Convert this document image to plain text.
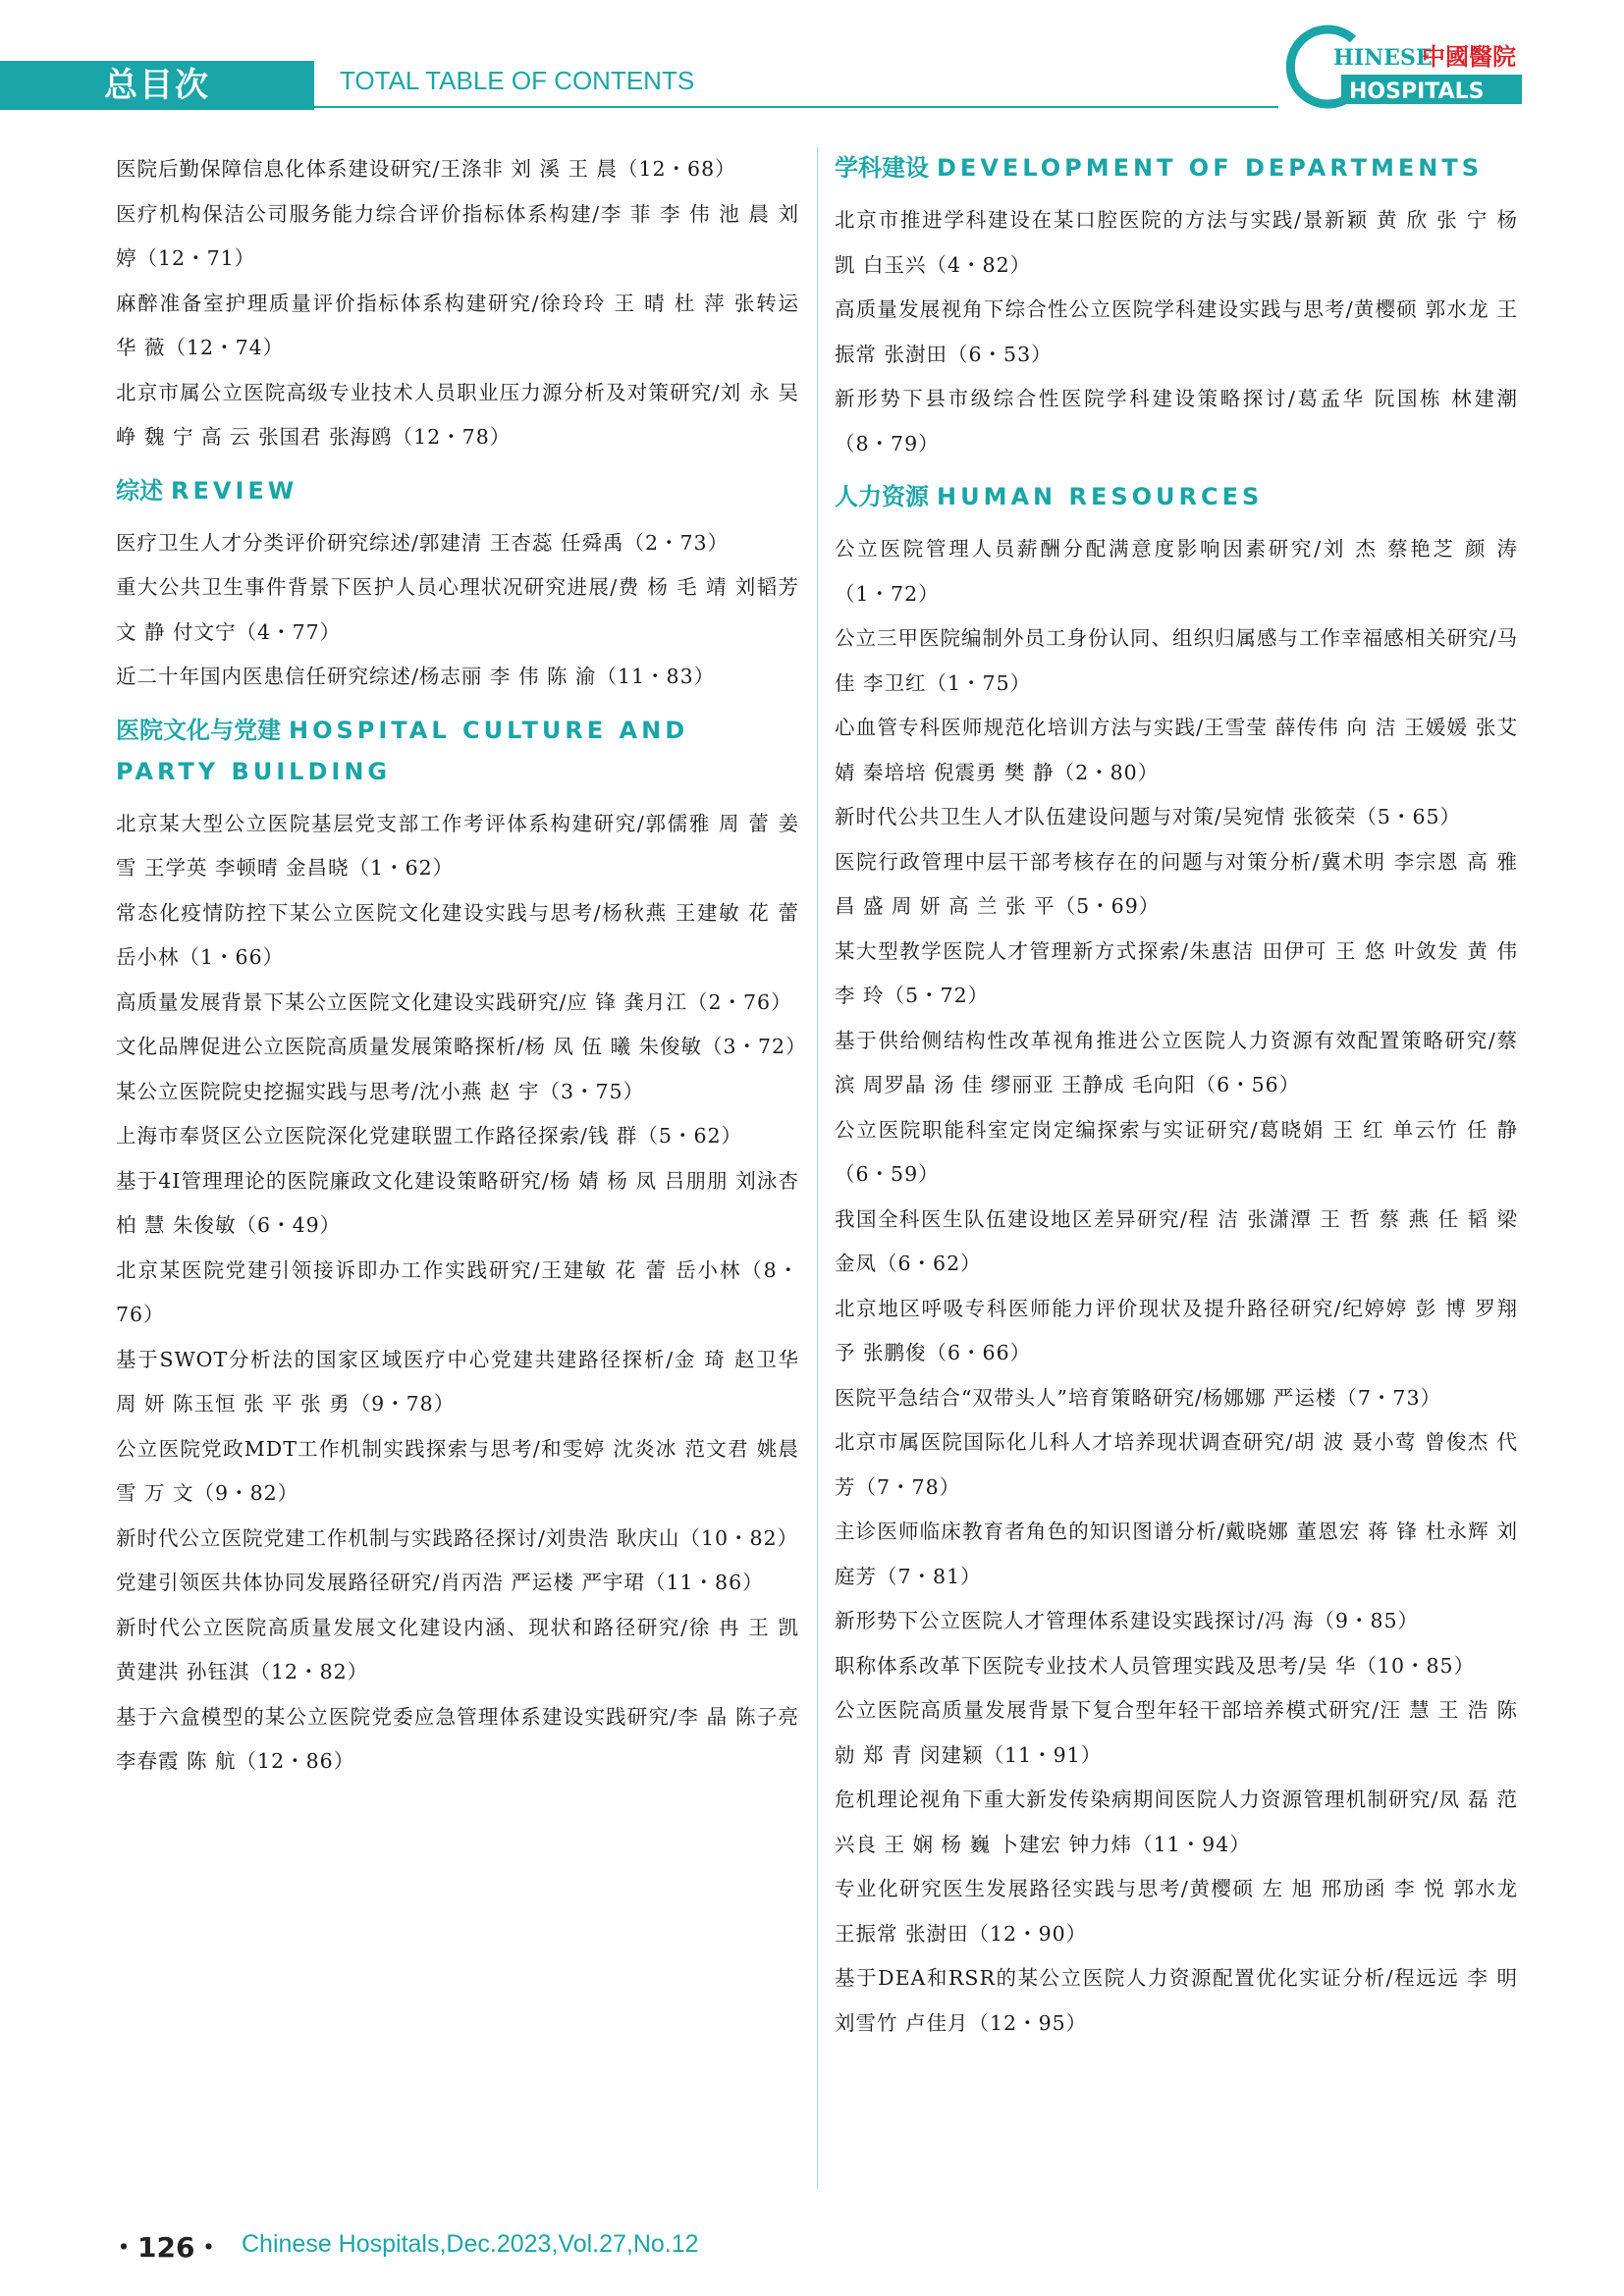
总目次	TOTAL TABLE OF CONTENTS
HINESE
中國醫院
HOSPITALS

医院后勤保障信息化体系建设研究/王涤非 刘 溪 王 晨（12・68）

医疗机构保洁公司服务能力综合评价指标体系构建/李 菲 李 伟 池 晨 刘 婷（12・71）

麻醉准备室护理质量评价指标体系构建研究/徐玲玲 王 晴 杜 萍 张转运 华 薇（12・74）

北京市属公立医院高级专业技术人员职业压力源分析及对策研究/刘 永 吴 峥 魏 宁 高 云 张国君 张海鸥（12・78）

综述 REVIEW

医疗卫生人才分类评价研究综述/郭建清 王杏蕊 任舜禹（2・73）

重大公共卫生事件背景下医护人员心理状况研究进展/费 杨 毛 靖 刘韬芳 文 静 付文宁（4・77）

近二十年国内医患信任研究综述/杨志丽 李 伟 陈 渝（11・83）

医院文化与党建 HOSPITAL CULTURE AND PARTY BUILDING

北京某大型公立医院基层党支部工作考评体系构建研究/郭儒雅 周 蕾 姜 雪 王学英 李顿晴 金昌晓（1・62）

常态化疫情防控下某公立医院文化建设实践与思考/杨秋燕 王建敏 花 蕾 岳小林（1・66）

高质量发展背景下某公立医院文化建设实践研究/应 锋 龚月江（2・76）

文化品牌促进公立医院高质量发展策略探析/杨 凤 伍 曦 朱俊敏（3・72）

某公立医院院史挖掘实践与思考/沈小燕 赵 宇（3・75）

上海市奉贤区公立医院深化党建联盟工作路径探索/钱 群（5・62）

基于4I管理理论的医院廉政文化建设策略研究/杨 婧 杨 凤 吕朋朋 刘泳杏 柏 慧 朱俊敏（6・49）

北京某医院党建引领接诉即办工作实践研究/王建敏 花 蕾 岳小林（8・76）

基于SWOT分析法的国家区域医疗中心党建共建路径探析/金 琦 赵卫华 周 妍 陈玉恒 张 平 张 勇（9・78）

公立医院党政MDT工作机制实践探索与思考/和雯婷 沈炎冰 范文君 姚晨雪 万 文（9・82）

新时代公立医院党建工作机制与实践路径探讨/刘贵浩 耿庆山（10・82）

党建引领医共体协同发展路径研究/肖丙浩 严运楼 严宇珺（11・86）

新时代公立医院高质量发展文化建设内涵、现状和路径研究/徐 冉 王 凯 黄建洪 孙钰淇（12・82）

基于六盒模型的某公立医院党委应急管理体系建设实践研究/李 晶 陈子亮 李春霞 陈 航（12・86）

学科建设 DEVELOPMENT OF DEPARTMENTS

北京市推进学科建设在某口腔医院的方法与实践/景新颖 黄 欣 张 宁 杨 凯 白玉兴（4・82）

高质量发展视角下综合性公立医院学科建设实践与思考/黄樱硕 郭水龙 王振常 张澍田（6・53）

新形势下县市级综合性医院学科建设策略探讨/葛孟华 阮国栋 林建潮（8・79）

人力资源 HUMAN RESOURCES

公立医院管理人员薪酬分配满意度影响因素研究/刘 杰 蔡艳芝 颜 涛（1・72）

公立三甲医院编制外员工身份认同、组织归属感与工作幸福感相关研究/马 佳 李卫红（1・75）

心血管专科医师规范化培训方法与实践/王雪莹 薛传伟 向 洁 王媛媛 张艾婧 秦培培 倪震勇 樊 静（2・80）

新时代公共卫生人才队伍建设问题与对策/吴宛情 张筱荣（5・65）

医院行政管理中层干部考核存在的问题与对策分析/冀术明 李宗恩 高 雅 昌 盛 周 妍 高 兰 张 平（5・69）

某大型教学医院人才管理新方式探索/朱惠洁 田伊可 王 悠 叶敛发 黄 伟 李 玲（5・72）

基于供给侧结构性改革视角推进公立医院人力资源有效配置策略研究/蔡 滨 周罗晶 汤 佳 缪丽亚 王静成 毛向阳（6・56）

公立医院职能科室定岗定编探索与实证研究/葛晓娟 王 红 单云竹 任 静（6・59）

我国全科医生队伍建设地区差异研究/程 洁 张潇潭 王 哲 蔡 燕 任 韬 梁金凤（6・62）

北京地区呼吸专科医师能力评价现状及提升路径研究/纪婷婷 彭 博 罗翔予 张鹏俊（6・66）

医院平急结合“双带头人”培育策略研究/杨娜娜 严运楼（7・73）

北京市属医院国际化儿科人才培养现状调查研究/胡 波 聂小莺 曾俊杰 代 芳（7・78）

主诊医师临床教育者角色的知识图谱分析/戴晓娜 董恩宏 蒋 锋 杜永辉 刘庭芳（7・81）

新形势下公立医院人才管理体系建设实践探讨/冯 海（9・85）

职称体系改革下医院专业技术人员管理实践及思考/吴 华（10・85）

公立医院高质量发展背景下复合型年轻干部培养模式研究/汪 慧 王 浩 陈 勍 郑 青 闵建颖（11・91）

危机理论视角下重大新发传染病期间医院人力资源管理机制研究/凤 磊 范兴良 王 娴 杨 巍 卜建宏 钟力炜（11・94）

专业化研究医生发展路径实践与思考/黄樱硕 左 旭 邢劢函 李 悦 郭水龙 王振常 张澍田（12・90）

基于DEA和RSR的某公立医院人力资源配置优化实证分析/程远远 李 明 刘雪竹 卢佳月（12・95）

・126・ Chinese Hospitals,Dec.2023,Vol.27,No.12
